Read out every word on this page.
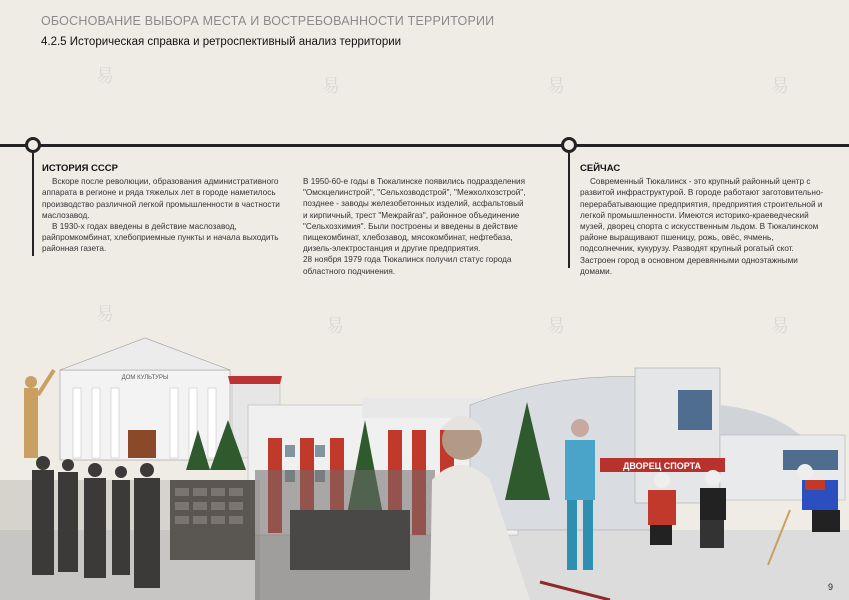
ОБОСНОВАНИЕ ВЫБОРА МЕСТА И ВОСТРЕБОВАННОСТИ ТЕРРИТОРИИ
4.2.5 Историческая справка и ретроспективный анализ территории
易	易	易	易
易
易	易	易
ИСТОРИЯ СССР

Вскоре после революции, образования административного аппарата в регионе и ряда тяжелых лет в городе наметилось производство различной легкой промышленности в частности маслозавод.

В 1930-х годах введены в действие маслозавод, райпромкомбинат, хлебоприемные пункты и начала выходить районная газета.

В 1950-60-е годы в Тюкалинске появились подразделения "Омскцелинстрой", "Сельхозводстрой", "Межколхозстрой", позднее - заводы железобетонных изделий, асфальтовый и кирпичный, трест "Межрайгаз", районное объединение "Сельхозхимия". Были построены и введены в действие пищекомбинат, хлебозавод, мясокомбинат, нефтебаза, дизель-электростанция и другие предприятия.

28 ноября 1979 года Тюкалинск получил статус города областного подчинения.

СЕЙЧАС

Современный Тюкалинск - это крупный районный центр с развитой инфраструктурой. В городе работают заготовительно-перерабатывающие предприятия, предприятия строительной и легкой промышленности. Имеются историко-краеведческий музей, дворец спорта с искусственным льдом. В Тюкалинском районе выращивают пшеницу, рожь, овёс, ячмень, подсолнечник, кукурузу. Разводят крупный рогатый скот. Застроен город в основном деревянными одноэтажными домами.

ДОМ КУЛЬТУРЫ
ДВОРЕЦ СПОРТА
9
